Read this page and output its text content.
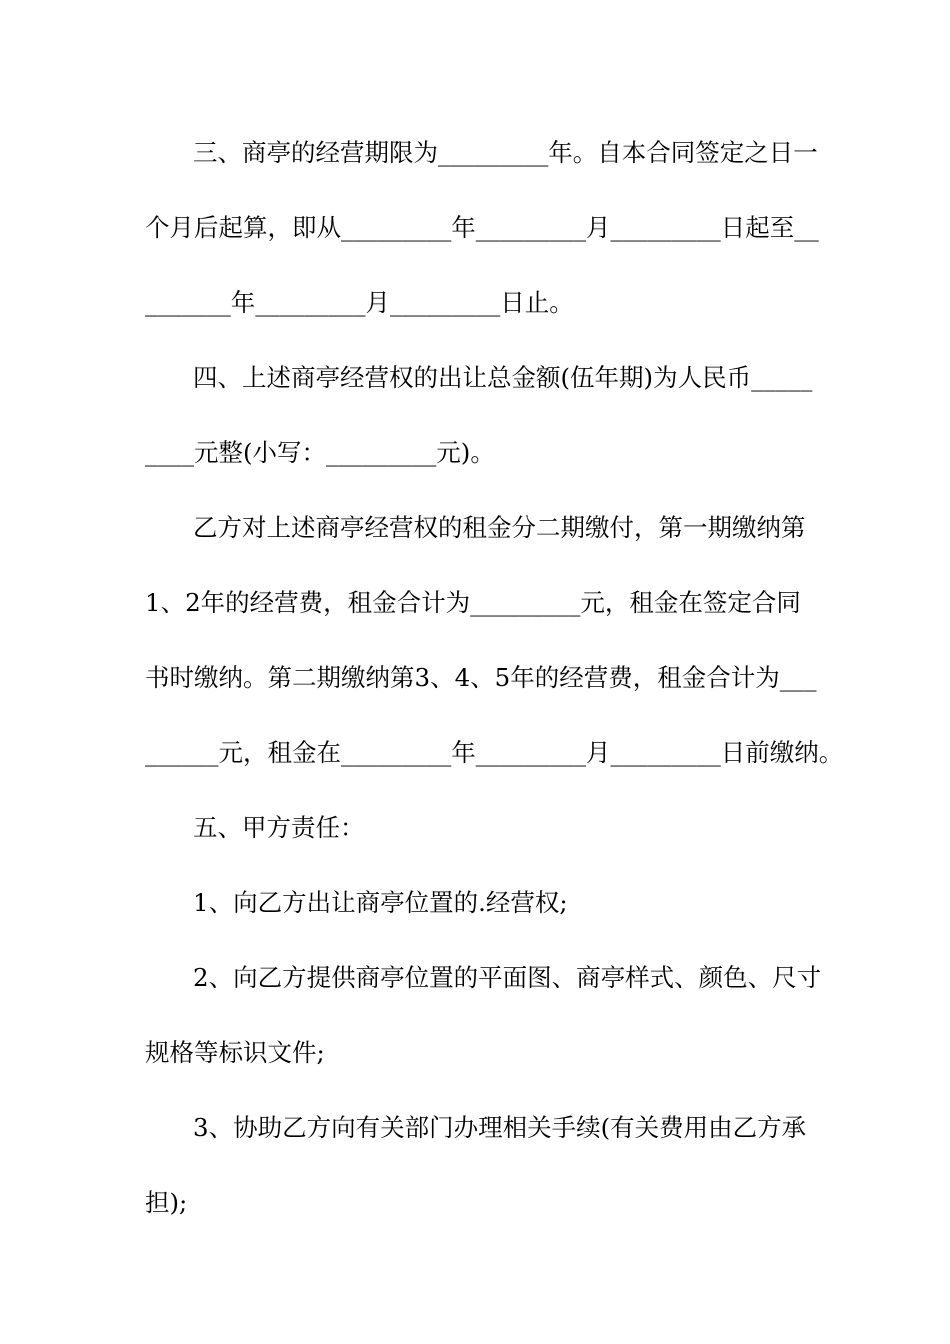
三、商亭的经营期限为_________年。自本合同签定之日一
个月后起算，即从_________年_________月_________日起至__
_______年_________月_________日止。
四、上述商亭经营权的出让总金额(伍年期)为人民币_____
____元整(小写：_________元)。
乙方对上述商亭经营权的租金分二期缴付，第一期缴纳第
1、2年的经营费，租金合计为_________元，租金在签定合同
书时缴纳。第二期缴纳第3、4、5年的经营费，租金合计为___
______元，租金在_________年_________月_________日前缴纳。
五、甲方责任：
1、向乙方出让商亭位置的.经营权;
2、向乙方提供商亭位置的平面图、商亭样式、颜色、尺寸
规格等标识文件;
3、协助乙方向有关部门办理相关手续(有关费用由乙方承
担);
